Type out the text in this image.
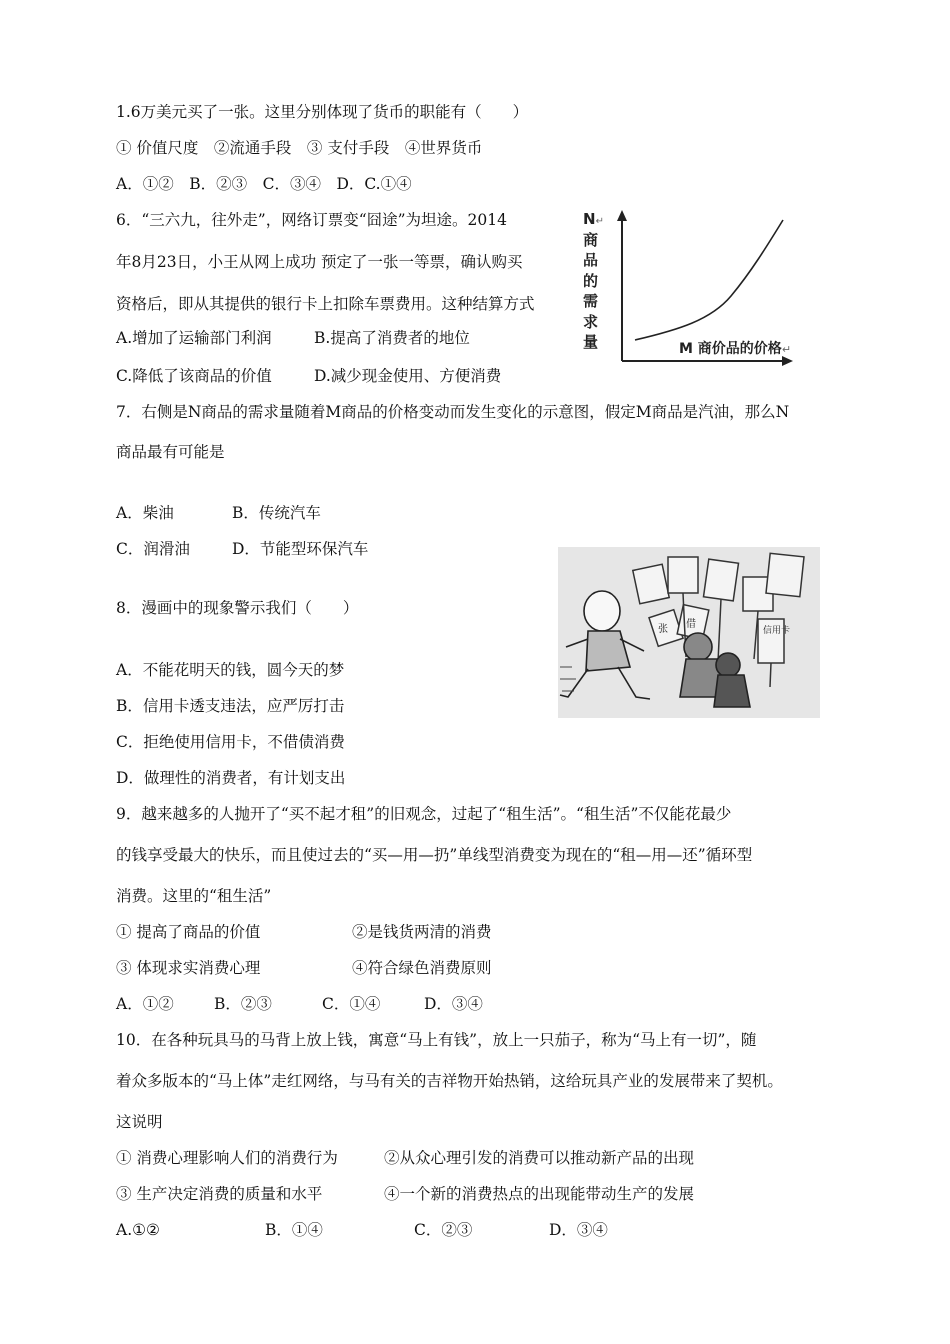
1.6万美元买了一张。这里分别体现了货币的职能有（　　）
① 价值尺度　②流通手段　③ 支付手段　④世界货币
A．①②　B．②③　C．③④　D．C.①④
6．“三六九，往外走”，网络订票变“囧途”为坦途。2014
年8月23日，小王从网上成功 预定了一张一等票，确认购买
资格后，即从其提供的银行卡上扣除车票费用。这种结算方式
A.增加了运输部门利润	B.提高了消费者的地位
C.降低了该商品的价值	D.减少现金使用、方便消费
N↵
商
品
的
需
求
量	M 商价品的价格↵
7．右侧是N商品的需求量随着M商品的价格变动而发生变化的示意图，假定M商品是汽油，那么N
商品最有可能是
A．柴油	B．传统汽车
C．润滑油	D．节能型环保汽车
信用卡
张 借
8．漫画中的现象警示我们（　　）
A．不能花明天的钱，圆今天的梦
B．信用卡透支违法，应严厉打击
C．拒绝使用信用卡，不借债消费
D．做理性的消费者，有计划支出
9．越来越多的人抛开了“买不起才租”的旧观念，过起了“租生活”。“租生活”不仅能花最少
的钱享受最大的快乐，而且使过去的“买—用—扔”单线型消费变为现在的“租—用—还”循环型
消费。这里的“租生活”
① 提高了商品的价值	②是钱货两清的消费
③ 体现求实消费心理	④符合绿色消费原则
A．①②	B．②③	C．①④	D．③④
10．在各种玩具马的马背上放上钱，寓意“马上有钱”，放上一只茄子，称为“马上有一切”，随
着众多版本的“马上体”走红网络，与马有关的吉祥物开始热销，这给玩具产业的发展带来了契机。
这说明
① 消费心理影响人们的消费行为	②从众心理引发的消费可以推动新产品的出现
③ 生产决定消费的质量和水平	④一个新的消费热点的出现能带动生产的发展
A.①②	B．①④	C．②③	D．③④
